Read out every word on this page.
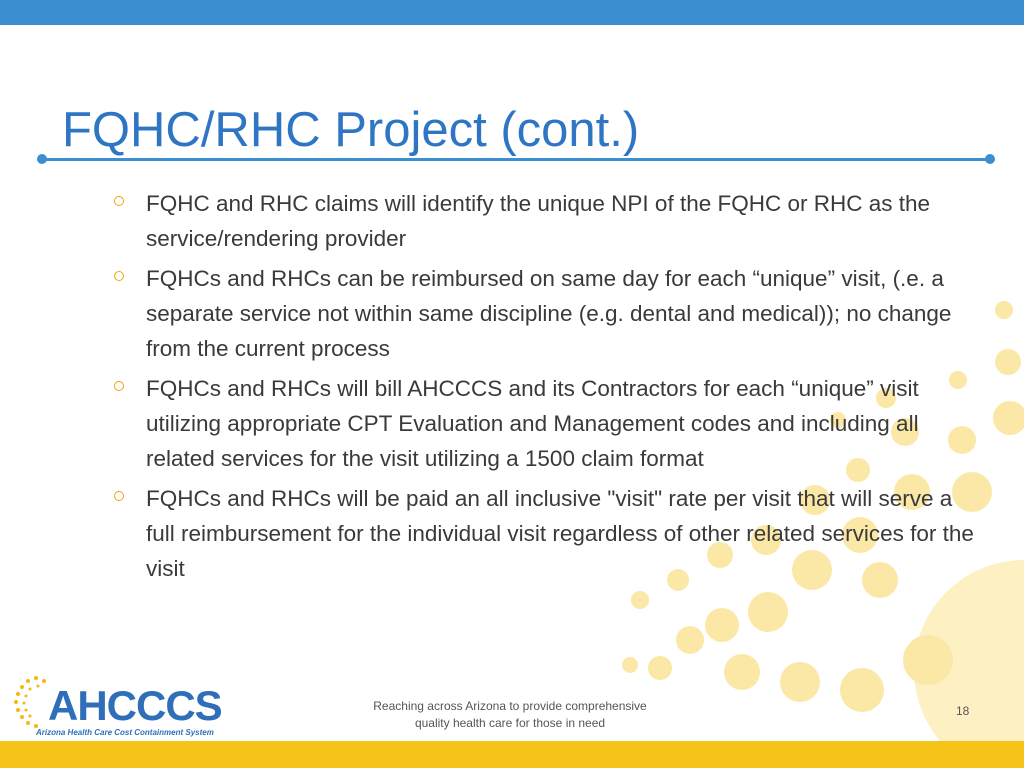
FQHC/RHC Project (cont.)
FQHC and RHC claims will identify the unique NPI of the FQHC or RHC as the service/rendering provider
FQHCs and RHCs can be reimbursed on same day for each “unique” visit, (.e. a separate service not within same discipline (e.g. dental and medical)); no change from the current process
FQHCs and RHCs will bill AHCCCS and its Contractors for each “unique” visit utilizing appropriate CPT Evaluation and Management codes and including all related services for the visit utilizing a 1500 claim format
FQHCs and RHCs will be paid an all inclusive "visit" rate per visit that will serve a full reimbursement for the individual visit regardless of other related services for the visit
AHCCCS
Arizona Health Care Cost Containment System
Reaching across Arizona to provide comprehensive
quality health care for those in need
18
